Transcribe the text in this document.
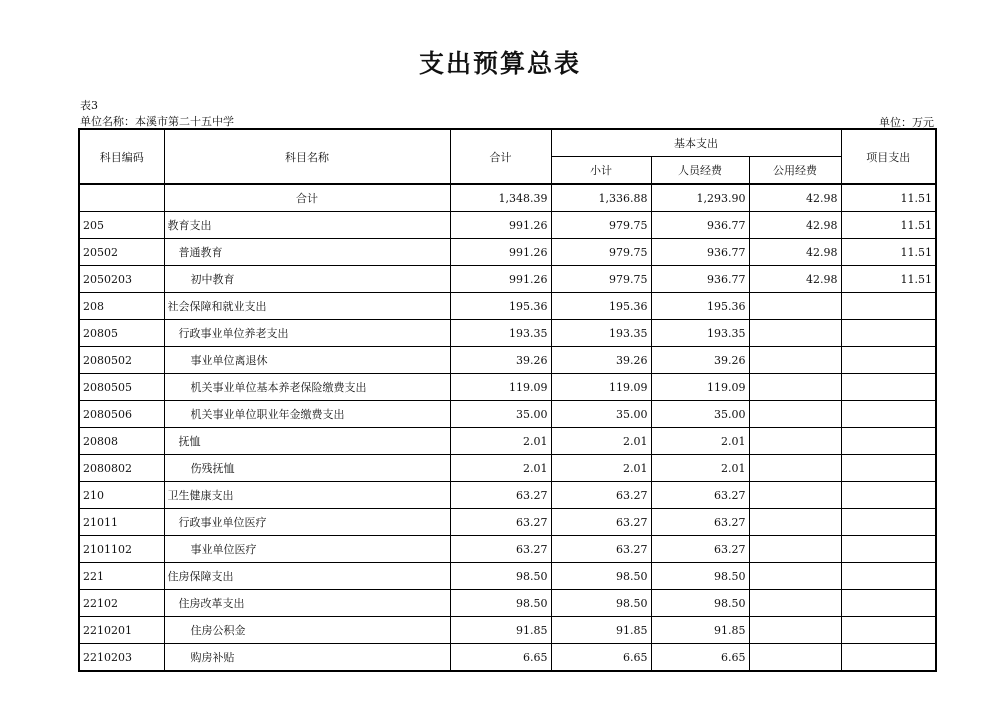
支出预算总表
表3
单位名称：本溪市第二十五中学	单位：万元
科目编码	科目名称	合计	基本支出			项目支出
			小计	人员经费	公用经费	
	合计	1,348.39	1,336.88	1,293.90	42.98	11.51
205	教育支出	991.26	979.75	936.77	42.98	11.51
20502	普通教育	991.26	979.75	936.77	42.98	11.51
2050203	初中教育	991.26	979.75	936.77	42.98	11.51
208	社会保障和就业支出	195.36	195.36	195.36		
20805	行政事业单位养老支出	193.35	193.35	193.35		
2080502	事业单位离退休	39.26	39.26	39.26		
2080505	机关事业单位基本养老保险缴费支出	119.09	119.09	119.09		
2080506	机关事业单位职业年金缴费支出	35.00	35.00	35.00		
20808	抚恤	2.01	2.01	2.01		
2080802	伤残抚恤	2.01	2.01	2.01		
210	卫生健康支出	63.27	63.27	63.27		
21011	行政事业单位医疗	63.27	63.27	63.27		
2101102	事业单位医疗	63.27	63.27	63.27		
221	住房保障支出	98.50	98.50	98.50		
22102	住房改革支出	98.50	98.50	98.50		
2210201	住房公积金	91.85	91.85	91.85		
2210203	购房补贴	6.65	6.65	6.65		
